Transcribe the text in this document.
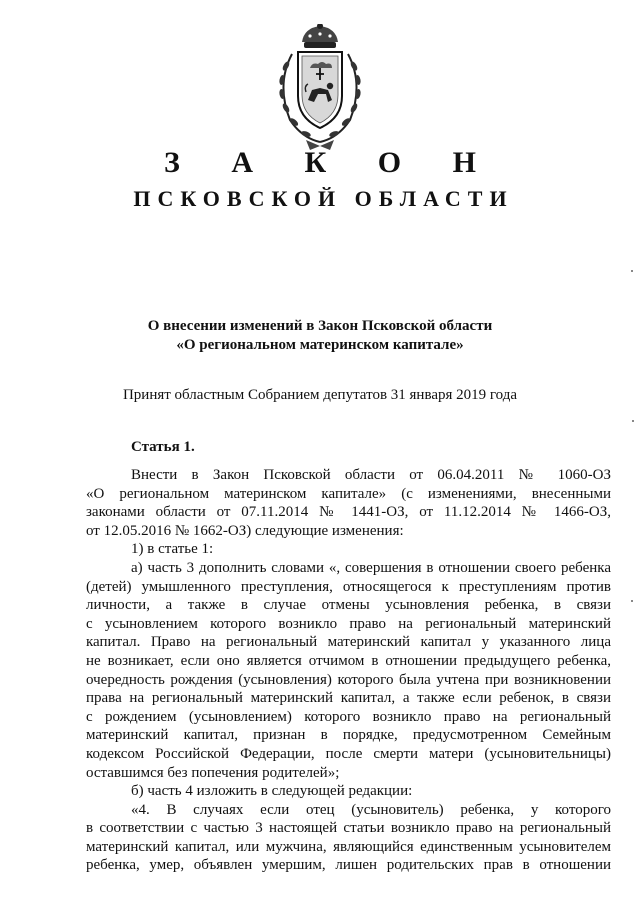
З А К О Н
ПСКОВСКОЙ ОБЛАСТИ
О внесении изменений в Закон Псковской области
«О региональном материнском капитале»
Принят областным Собранием депутатов 31 января 2019 года
Статья 1.
Внести в Закон Псковской области от 06.04.2011 № 1060-ОЗ
«О региональном материнском капитале» (с изменениями, внесенными
законами области от 07.11.2014 № 1441-ОЗ, от 11.12.2014 № 1466-ОЗ,
от 12.05.2016 № 1662-ОЗ) следующие изменения:
1) в статье 1:
а) часть 3 дополнить словами «, совершения в отношении своего ребенка
(детей) умышленного преступления, относящегося к преступлениям против
личности, а также в случае отмены усыновления ребенка, в связи
с усыновлением которого возникло право на региональный материнский
капитал. Право на региональный материнский капитал у указанного лица
не возникает, если оно является отчимом в отношении предыдущего ребенка,
очередность рождения (усыновления) которого была учтена при возникновении
права на региональный материнский капитал, а также если ребенок, в связи
с рождением (усыновлением) которого возникло право на региональный
материнский капитал, признан в порядке, предусмотренном Семейным
кодексом Российской Федерации, после смерти матери (усыновительницы)
оставшимся без попечения родителей»;
б) часть 4 изложить в следующей редакции:
«4. В случаях если отец (усыновитель) ребенка, у которого
в соответствии с частью 3 настоящей статьи возникло право на региональный
материнский капитал, или мужчина, являющийся единственным усыновителем
ребенка, умер, объявлен умершим, лишен родительских прав в отношении
